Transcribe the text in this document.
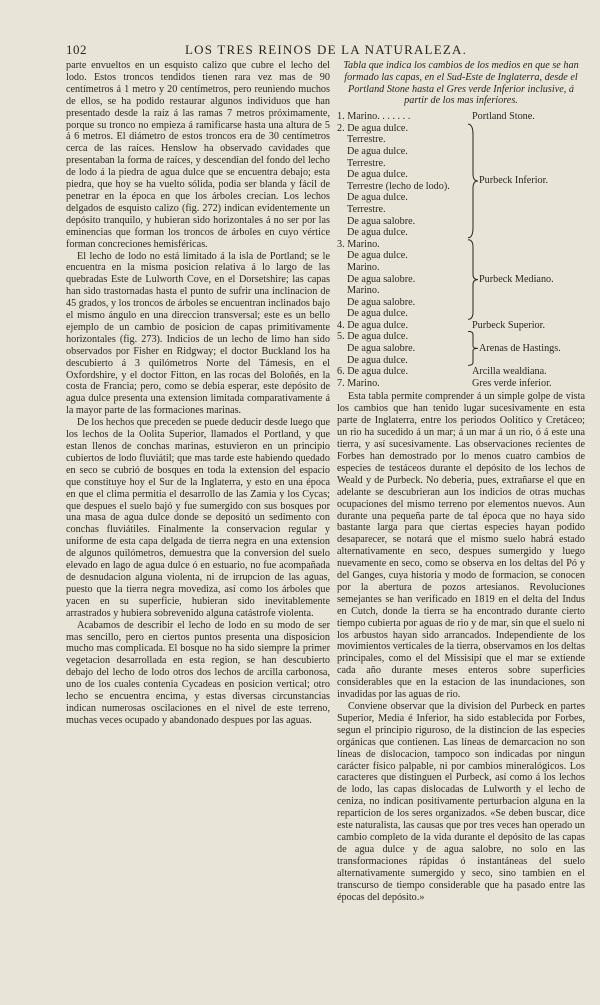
102	LOS TRES REINOS DE LA NATURALEZA.

parte envueltos en un esquisto calizo que cubre el lecho del lodo. Estos troncos tendidos tienen rara vez mas de 90 centímetros á 1 metro y 20 centímetros, pero reuniendo muchos de ellos, se ha podido restaurar algunos individuos que han presentado desde la raíz á las ramas 7 metros próximamente, porque su tronco no empieza á ramificarse hasta una altura de 5 á 6 metros. El diámetro de estos troncos era de 30 centímetros cerca de las raíces. Henslow ha observado cavidades que presentaban la forma de raíces, y descendían del fondo del lecho de lodo á la piedra de agua dulce que se encuentra debajo; esta piedra, que hoy se ha vuelto sólida, podia ser blanda y fácil de penetrar en la época en que los árboles crecian. Los lechos delgados de esquisto calizo (fig. 272) indican evidentemente un depósito tranquilo, y hubieran sido horizontales á no ser por las eminencias que forman los troncos de árboles en cuyo vértice forman concreciones hemisféricas.

El lecho de lodo no está limitado á la isla de Portland; se le encuentra en la misma posicion relativa á lo largo de las quebradas Este de Lulworth Cove, en el Dorsetshire; las capas han sido trastornadas hasta el punto de sufrir una inclinacion de 45 grados, y los troncos de árboles se encuentran inclinados bajo el mismo ángulo en una direccion transversal; este es un bello ejemplo de un cambio de posicion de capas primitivamente horizontales (fig. 273). Indicios de un lecho de limo han sido observados por Fisher en Ridgway; el doctor Buckland los ha descubierto á 3 quilómetros Norte del Támesis, en el Oxfordshire, y el doctor Fitton, en las rocas del Boloñés, en la costa de Francia; pero, como se debia esperar, este depósito de agua dulce presenta una extension limitada comparativamente á la mayor parte de las formaciones marinas.

De los hechos que preceden se puede deducir desde luego que los lechos de la Oolita Superior, llamados el Portland, y que estan llenos de conchas marinas, estuvieron en un principio cubiertos de lodo fluviátil; que mas tarde este habiendo quedado en seco se cubrió de bosques en toda la extension del espacio que constituye hoy el Sur de la Inglaterra, y esto en una época en que el clima permitia el desarrollo de las Zamia y los Cycas; que despues el suelo bajó y fue sumergido con sus bosques por una masa de agua dulce donde se depositó un sedimento con conchas fluviátiles. Finalmente la conservacion regular y uniforme de esta capa delgada de tierra negra en una extension de algunos quilómetros, demuestra que la conversion del suelo elevado en lago de agua dulce ó en estuario, no fue acompañada de desnudacion alguna violenta, ni de irrupcion de las aguas, puesto que la tierra negra movediza, así como los árboles que yacen en su superficie, hubieran sido inevitablemente arrastrados y hubiera sobrevenido alguna catástrofe violenta.

Acabamos de describir el lecho de lodo en su modo de ser mas sencillo, pero en ciertos puntos presenta una disposicion mucho mas complicada. El bosque no ha sido siempre la primer vegetacion desarrollada en esta region, se han descubierto debajo del lecho de lodo otros dos lechos de arcilla carbonosa, uno de los cuales contenia Cycadeas en posicion vertical; otro lecho se encuentra encima, y estas diversas circunstancias indican numerosas oscilaciones en el nivel de este terreno, muchas veces ocupado y abandonado despues por las aguas.

Tabla que indica los cambios de los medios en que se han formado las capas, en el Sud-Este de Inglaterra, desde el Portland Stone hasta el Gres verde Inferior inclusive, á partir de los mas inferiores.
1. Marino. . . . . . .	Portland Stone.
2. De agua dulce.
Terrestre.
De agua dulce.
Terrestre.
De agua dulce.
Terrestre (lecho de lodo).
De agua dulce.
Terrestre.
De agua salobre.
De agua dulce.
Purbeck Inferior.
3. Marino.
De agua dulce.
Marino.
De agua salobre.
Marino.
De agua salobre.
De agua dulce.
Purbeck Mediano.
4. De agua dulce.	Purbeck Superior.
5. De agua dulce.
De agua salobre.
De agua dulce.
Arenas de Hastings.
6. De agua dulce.	Arcilla wealdiana.
7. Marino.	Gres verde inferior.

Esta tabla permite comprender á un simple golpe de vista los cambios que han tenido lugar sucesivamente en esta parte de Inglaterra, entre los periodos Oolítico y Cretáceo; un rio ha sucedido á un mar; á un mar á un rio, ó á este una tierra, y así sucesivamente. Las observaciones recientes de Forbes han demostrado por lo menos cuatro cambios de especies de testáceos durante el depósito de los lechos de Weald y de Purbeck. No deberia, pues, extrañarse el que en adelante se descubrieran aun los indicios de otras muchas ocupaciones del mismo terreno por elementos nuevos. Aun durante una pequeña parte de tal época que no haya sido bastante larga para que ciertas especies hayan podido desaparecer, se notará que el mismo suelo habrá estado alternativamente en seco, despues sumergido y luego nuevamente en seco, como se observa en los deltas del Pó y del Ganges, cuya historia y modo de formacion, se conocen por la abertura de pozos artesianos. Revoluciones semejantes se han verificado en 1819 en el delta del Indus en Cutch, donde la tierra se ha encontrado durante cierto tiempo cubierta por aguas de rio y de mar, sin que el suelo ni los arbustos hayan sido arrancados. Independiente de los movimientos verticales de la tierra, observamos en los deltas principales, como el del Missisipí que el mar se extiende cada año durante meses enteros sobre superficies considerables que en la estacion de las inundaciones, son invadidas por las aguas de rio.

Conviene observar que la division del Purbeck en partes Superior, Media é Inferior, ha sido establecida por Forbes, segun el principio riguroso, de la distincion de las especies orgánicas que contienen. Las líneas de demarcacion no son líneas de dislocacion, tampoco son indicadas por ningun carácter físico palpable, ni por cambios mineralógicos. Los caracteres que distinguen el Purbeck, así como á los lechos de lodo, las capas dislocadas de Lulworth y el lecho de ceniza, no indican positivamente perturbacion alguna en la reparticion de los seres organizados. «Se deben buscar, dice este naturalista, las causas que por tres veces han operado un cambio completo de la vida durante el depósito de las capas de agua dulce y de agua salobre, no solo en las transformaciones rápidas ó instantáneas del suelo alternativamente sumergido y seco, sino tambien en el transcurso de tiempo considerable que ha pasado entre las épocas del depósito.»
